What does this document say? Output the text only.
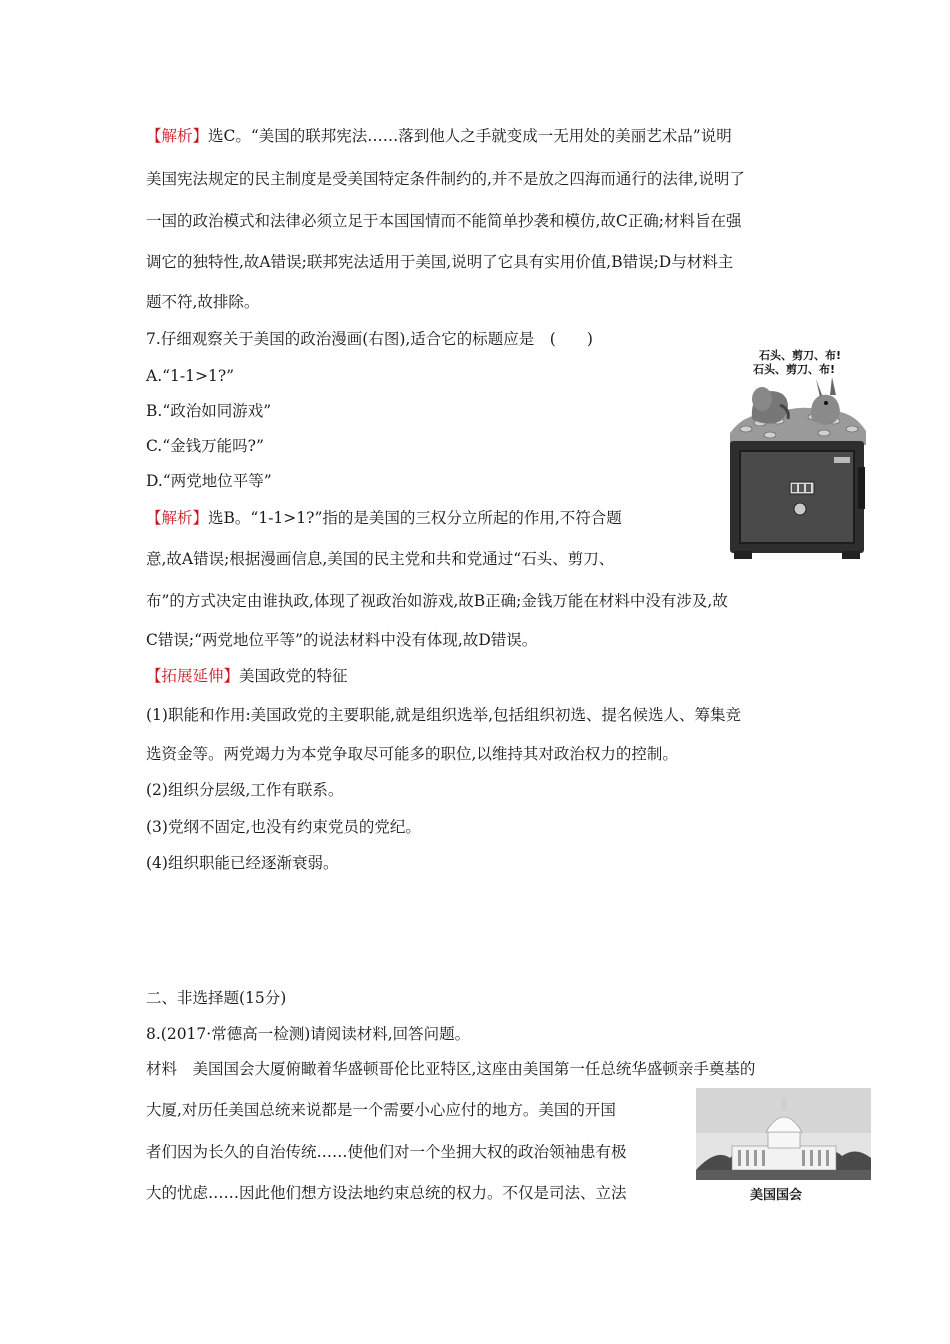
【解析】选C。“美国的联邦宪法……落到他人之手就变成一无用处的美丽艺术品”说明
美国宪法规定的民主制度是受美国特定条件制约的,并不是放之四海而通行的法律,说明了
一国的政治模式和法律必须立足于本国国情而不能简单抄袭和模仿,故C正确;材料旨在强
调它的独特性,故A错误;联邦宪法适用于美国,说明了它具有实用价值,B错误;D与材料主
题不符,故排除。
7.仔细观察关于美国的政治漫画(右图),适合它的标题应是　(　　)
A.“1-1>1?”
B.“政治如同游戏”
C.“金钱万能吗?”
D.“两党地位平等”
【解析】选B。“1-1>1?”指的是美国的三权分立所起的作用,不符合题
意,故A错误;根据漫画信息,美国的民主党和共和党通过“石头、剪刀、
布”的方式决定由谁执政,体现了视政治如游戏,故B正确;金钱万能在材料中没有涉及,故
C错误;“两党地位平等”的说法材料中没有体现,故D错误。
【拓展延伸】美国政党的特征
(1)职能和作用:美国政党的主要职能,就是组织选举,包括组织初选、提名候选人、筹集竞
选资金等。两党竭力为本党争取尽可能多的职位,以维持其对政治权力的控制。
(2)组织分层级,工作有联系。
(3)党纲不固定,也没有约束党员的党纪。
(4)组织职能已经逐渐衰弱。
二、非选择题(15分)
8.(2017·常德高一检测)请阅读材料,回答问题。
材料　美国国会大厦俯瞰着华盛顿哥伦比亚特区,这座由美国第一任总统华盛顿亲手奠基的
大厦,对历任美国总统来说都是一个需要小心应付的地方。美国的开国
者们因为长久的自治传统……使他们对一个坐拥大权的政治领袖患有极
大的忧虑……因此他们想方设法地约束总统的权力。不仅是司法、立法
石头、剪刀、布!
石头、剪刀、布!
美国国会
